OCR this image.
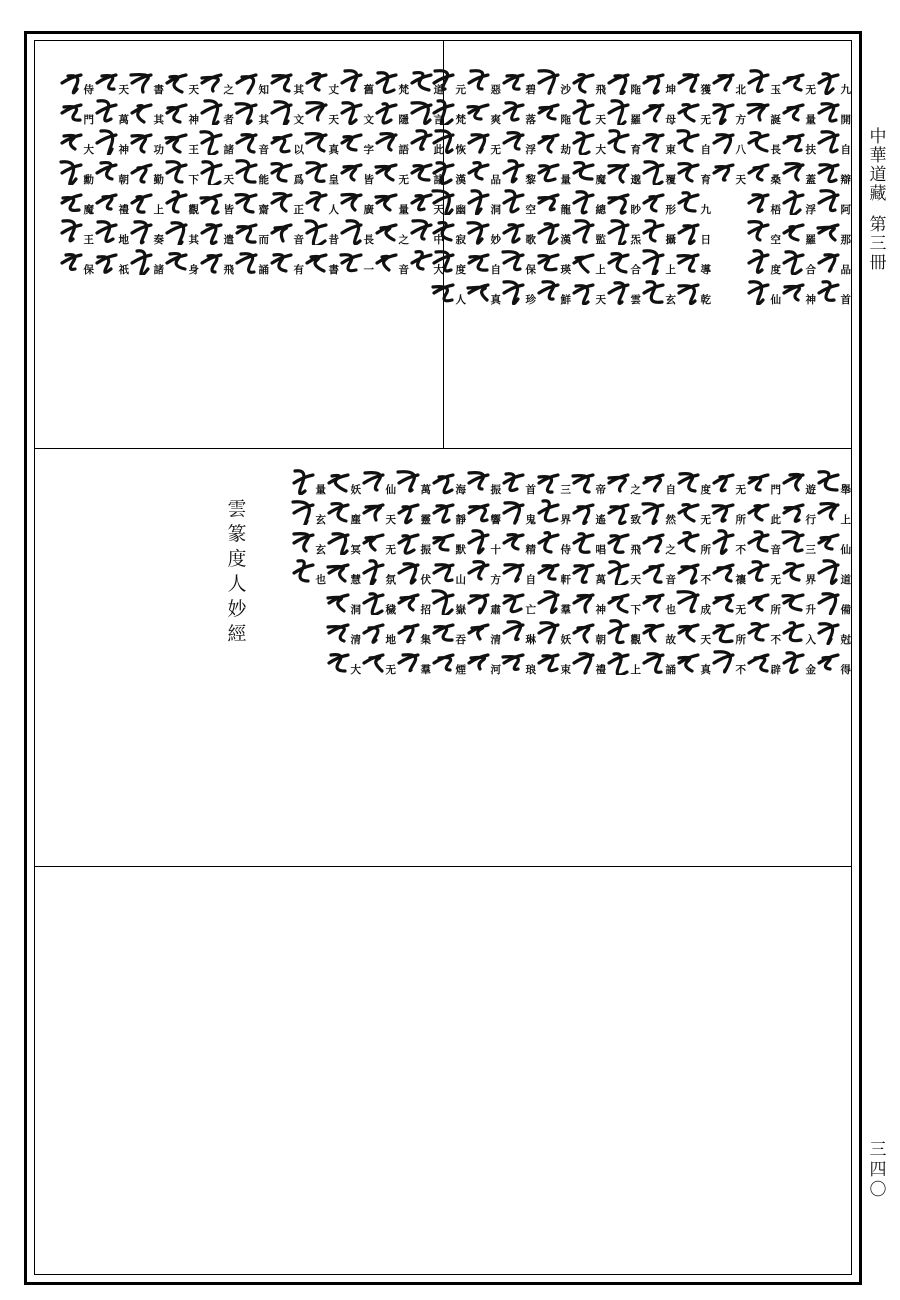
中
華
道
藏
第
三
冊
三
四
〇
雲
篆
度
人
妙
經
九
開
自
辯
阿
那
品
首
无
量
扶
蓋
浮
羅
合
神
玉
誕
長
桑
梧
空
度
仙
北
方
八
天
獲
无
自
育
九
日
導
乾
坤
母
東
覆
形
攝
上
玄
陁
羅
育
邈
眇
炁
合
雲
飛
天
大
魔
總
監
上
天
沙
陁
劫
量
龍
漢
瑛
鮮
碧
落
浮
黎
空
歌
保
珍
惡
爽
无
品
洞
妙
自
真
元
梵
恢
漢
幽
寂
度
人
道
言
此
諸
天
中
大
梵
隱
語
无
量
之
音
舊
文
字
皆
廣
長
一
丈
天
真
皇
人
昔
書
其
文
以
爲
正
音
有
知
其
音
能
齋
而
誦
之
者
諸
天
皆
遣
飛
天
神
王
下
觀
其
身
書
其
功
勤
上
奏
諸
天
萬
神
朝
禮
地
祇
侍
門
大
勳
魔
王
保
舉
上
仙
道
備
尅
得
遊
行
三
界
升
入
金
門
此
音
无
所
不
辟
无
所
不
禳
无
所
不
度
无
所
不
成
天
真
自
然
之
音
也
故
誦
之
致
飛
天
下
觀
上
帝
遙
唱
萬
神
朝
禮
三
界
侍
軒
羣
妖
束
首
鬼
精
自
亡
琳
琅
振
響
十
方
肅
清
河
海
靜
默
山
嶽
吞
煙
萬
靈
振
伏
招
集
羣
仙
天
无
氛
穢
地
无
妖
塵
冥
慧
洞
清
大
量
玄
玄
也
